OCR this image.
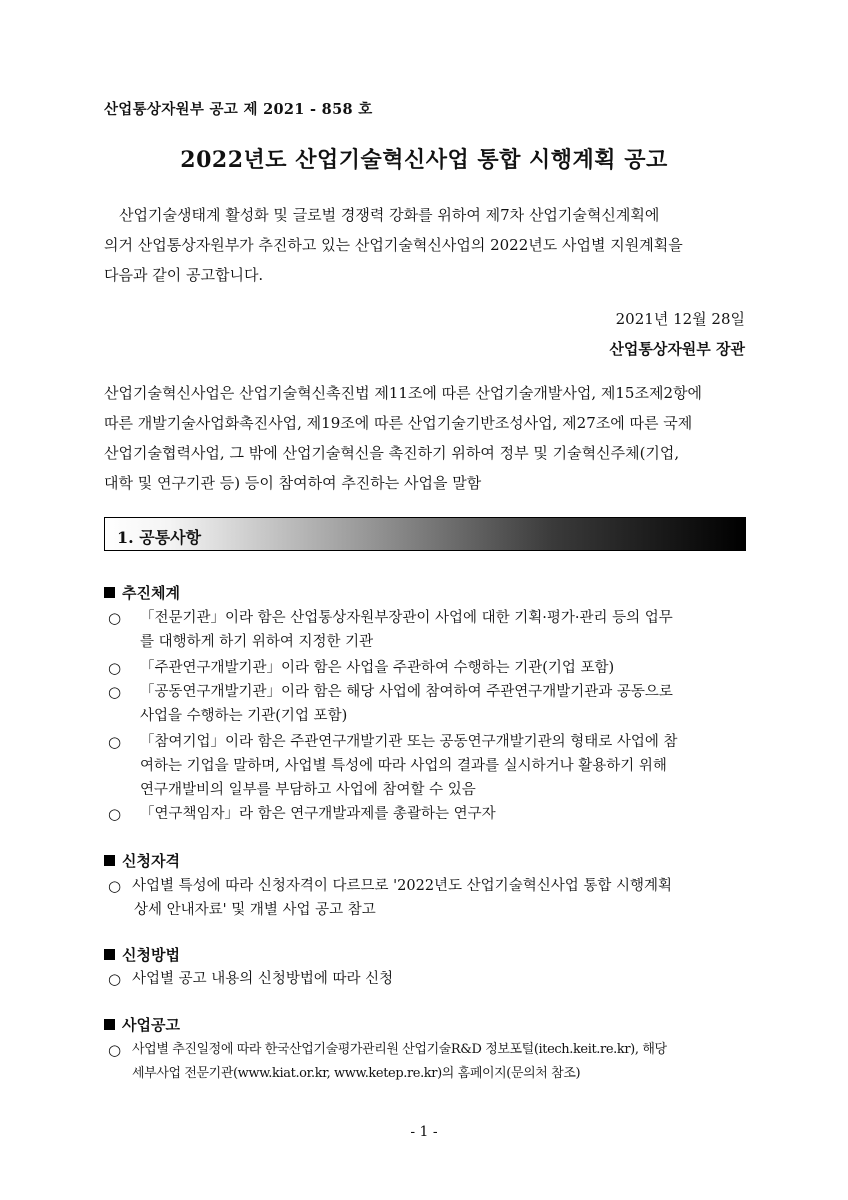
산업통상자원부 공고 제 2021 - 858 호
2022년도 산업기술혁신사업 통합 시행계획 공고
산업기술생태계 활성화 및 글로벌 경쟁력 강화를 위하여 제7차 산업기술혁신계획에
의거 산업통상자원부가 추진하고 있는 산업기술혁신사업의 2022년도 사업별 지원계획을
다음과 같이 공고합니다.
2021년 12월 28일
산업통상자원부 장관
산업기술혁신사업은 산업기술혁신촉진법 제11조에 따른 산업기술개발사업, 제15조제2항에
따른 개발기술사업화촉진사업, 제19조에 따른 산업기술기반조성사업, 제27조에 따른 국제
산업기술협력사업, 그 밖에 산업기술혁신을 촉진하기 위하여 정부 및 기술혁신주체(기업,
대학 및 연구기관 등) 등이 참여하여 추진하는 사업을 말함
1. 공통사항
추진체계
○ 「전문기관」이라 함은 산업통상자원부장관이 사업에 대한 기획·평가·관리 등의 업무
를 대행하게 하기 위하여 지정한 기관
○ 「주관연구개발기관」이라 함은 사업을 주관하여 수행하는 기관(기업 포함)
○ 「공동연구개발기관」이라 함은 해당 사업에 참여하여 주관연구개발기관과 공동으로
사업을 수행하는 기관(기업 포함)
○ 「참여기업」이라 함은 주관연구개발기관 또는 공동연구개발기관의 형태로 사업에 참
여하는 기업을 말하며, 사업별 특성에 따라 사업의 결과를 실시하거나 활용하기 위해
연구개발비의 일부를 부담하고 사업에 참여할 수 있음
○ 「연구책임자」라 함은 연구개발과제를 총괄하는 연구자
신청자격
○ 사업별 특성에 따라 신청자격이 다르므로 '2022년도 산업기술혁신사업 통합 시행계획
상세 안내자료' 및 개별 사업 공고 참고
신청방법
○ 사업별 공고 내용의 신청방법에 따라 신청
사업공고
○ 사업별 추진일정에 따라 한국산업기술평가관리원 산업기술R&D 정보포털(itech.keit.re.kr), 해당
세부사업 전문기관(www.kiat.or.kr, www.ketep.re.kr)의 홈페이지(문의처 참조)
- 1 -
